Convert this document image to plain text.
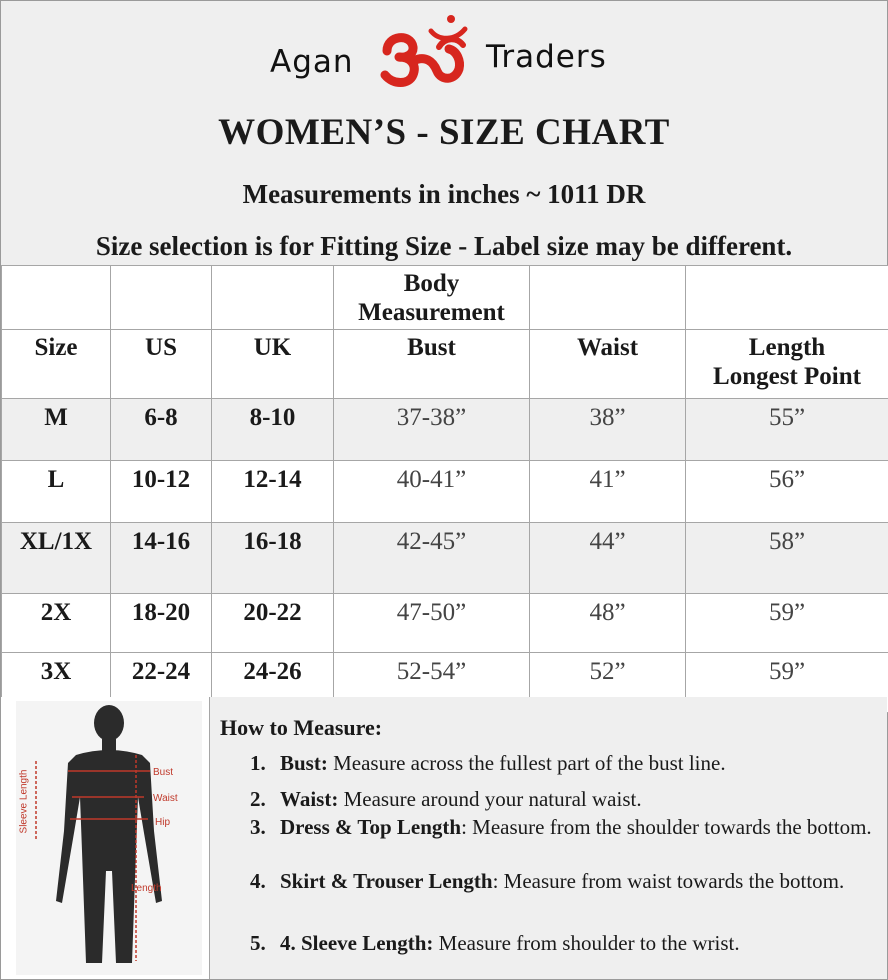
Agan	Traders
WOMEN’S - SIZE CHART
Measurements in inches ~ 1011 DR
Size selection is for Fitting Size - Label size may be different.

			Body Measurement		

Size	US	UK	Bust	Waist	Length
Longest Point

M	6-8	8-10	37-38”	38”	55”
L	10-12	12-14	40-41”	41”	56”
XL/1X	14-16	16-18	42-45”	44”	58”
2X	18-20	20-22	47-50”	48”	59”
3X	22-24	24-26	52-54”	52”	59”
Sleeve Length	Bust
Waist
Hip
Length
How to Measure:
1. Bust: Measure across the fullest part of the bust line.
2. Waist: Measure around your natural waist.
3. Dress & Top Length: Measure from the shoulder towards the bottom.
4. Skirt & Trouser Length: Measure from waist towards the bottom.
5. 4. Sleeve Length: Measure from shoulder to the wrist.
